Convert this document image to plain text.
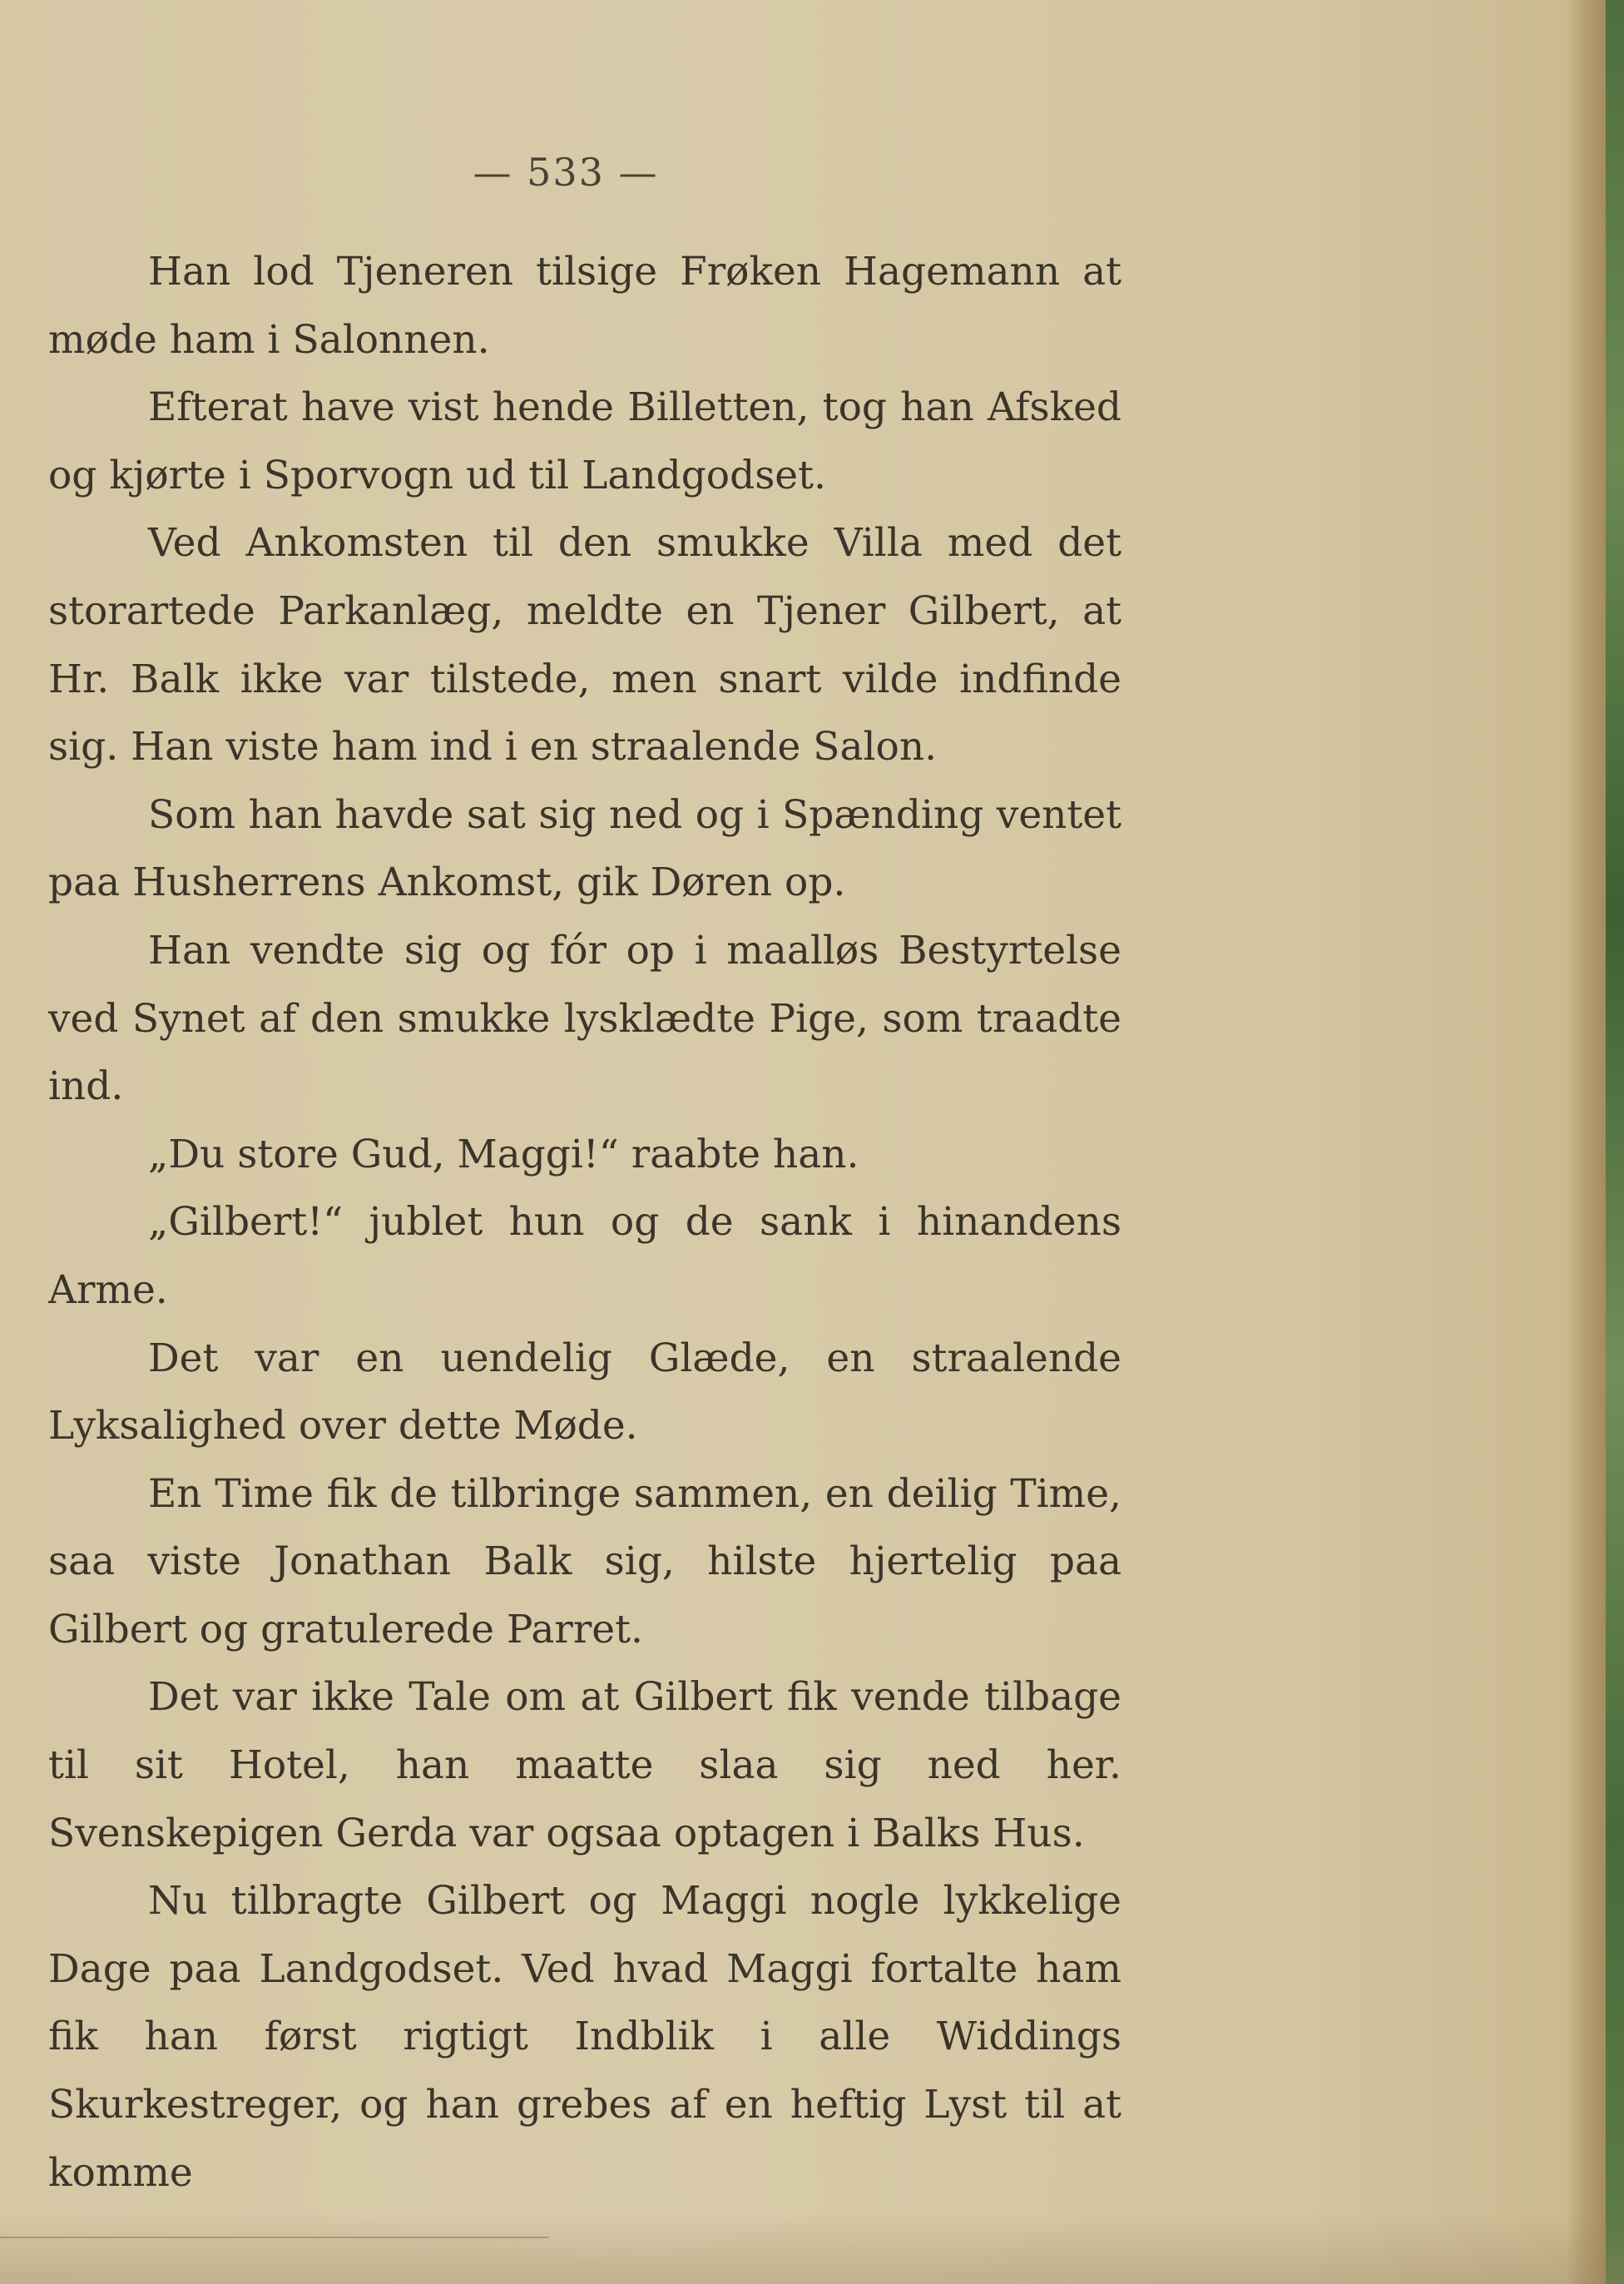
— 533 —

Han lod Tjeneren tilsige Frøken Hagemann at møde ham i Salonnen.

Efterat have vist hende Billetten, tog han Afsked og kjørte i Sporvogn ud til Landgodset.

Ved Ankomsten til den smukke Villa med det storartede Parkanlæg, meldte en Tjener Gilbert, at Hr. Balk ikke var tilstede, men snart vilde indfinde sig. Han viste ham ind i en straalende Salon.

Som han havde sat sig ned og i Spænding ventet paa Husherrens Ankomst, gik Døren op.

Han vendte sig og fór op i maalløs Bestyrtelse ved Synet af den smukke lysklædte Pige, som traadte ind.

„Du store Gud, Maggi!“ raabte han.

„Gilbert!“ jublet hun og de sank i hinandens Arme.

Det var en uendelig Glæde, en straalende Lyksalighed over dette Møde.

En Time fik de tilbringe sammen, en deilig Time, saa viste Jonathan Balk sig, hilste hjertelig paa Gilbert og gratulerede Parret.

Det var ikke Tale om at Gilbert fik vende tilbage til sit Hotel, han maatte slaa sig ned her. Svenskepigen Gerda var ogsaa optagen i Balks Hus.

Nu tilbragte Gilbert og Maggi nogle lykkelige Dage paa Landgodset. Ved hvad Maggi fortalte ham fik han først rigtigt Indblik i alle Widdings Skurkestreger, og han grebes af en heftig Lyst til at komme
